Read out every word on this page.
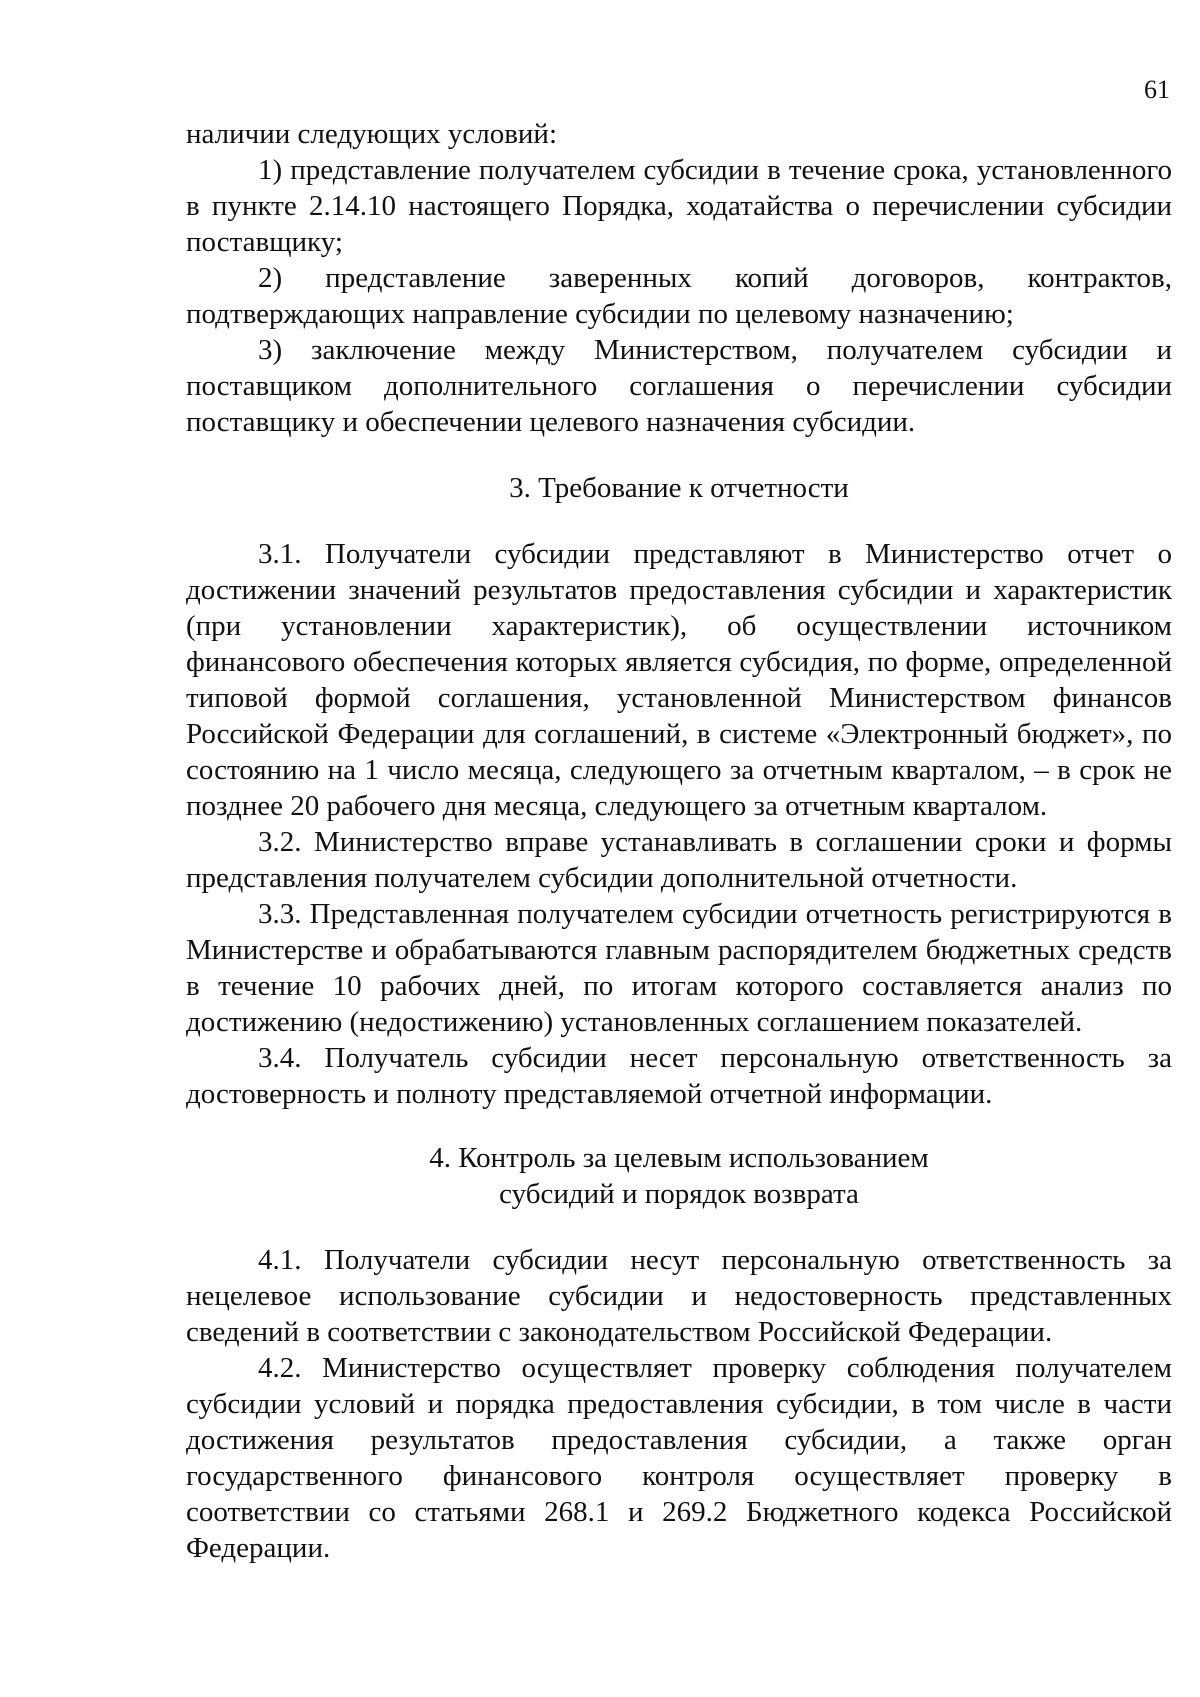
61

наличии следующих условий:

1) представление получателем субсидии в течение срока, установленного в пункте 2.14.10 настоящего Порядка, ходатайства о перечислении субсидии поставщику;

2) представление заверенных копий договоров, контрактов, подтверждающих направление субсидии по целевому назначению;

3) заключение между Министерством, получателем субсидии и поставщиком дополнительного соглашения о перечислении субсидии поставщику и обеспечении целевого назначения субсидии.

3. Требование к отчетности

3.1. Получатели субсидии представляют в Министерство отчет о достижении значений результатов предоставления субсидии и характеристик (при установлении характеристик), об осуществлении источником финансового обеспечения которых является субсидия, по форме, определенной типовой формой соглашения, установленной Министерством финансов Российской Федерации для соглашений, в системе «Электронный бюджет», по состоянию на 1 число месяца, следующего за отчетным кварталом, – в срок не позднее 20 рабочего дня месяца, следующего за отчетным кварталом.

3.2. Министерство вправе устанавливать в соглашении сроки и формы представления получателем субсидии дополнительной отчетности.

3.3. Представленная получателем субсидии отчетность регистрируются в Министерстве и обрабатываются главным распорядителем бюджетных средств в течение 10 рабочих дней, по итогам которого составляется анализ по достижению (недостижению) установленных соглашением показателей.

3.4. Получатель субсидии несет персональную ответственность за достоверность и полноту представляемой отчетной информации.

4. Контроль за целевым использованием
субсидий и порядок возврата

4.1. Получатели субсидии несут персональную ответственность за нецелевое использование субсидии и недостоверность представленных сведений в соответствии с законодательством Российской Федерации.

4.2. Министерство осуществляет проверку соблюдения получателем субсидии условий и порядка предоставления субсидии, в том числе в части достижения результатов предоставления субсидии, а также орган государственного финансового контроля осуществляет проверку в соответствии со статьями 268.1 и 269.2 Бюджетного кодекса Российской Федерации.
